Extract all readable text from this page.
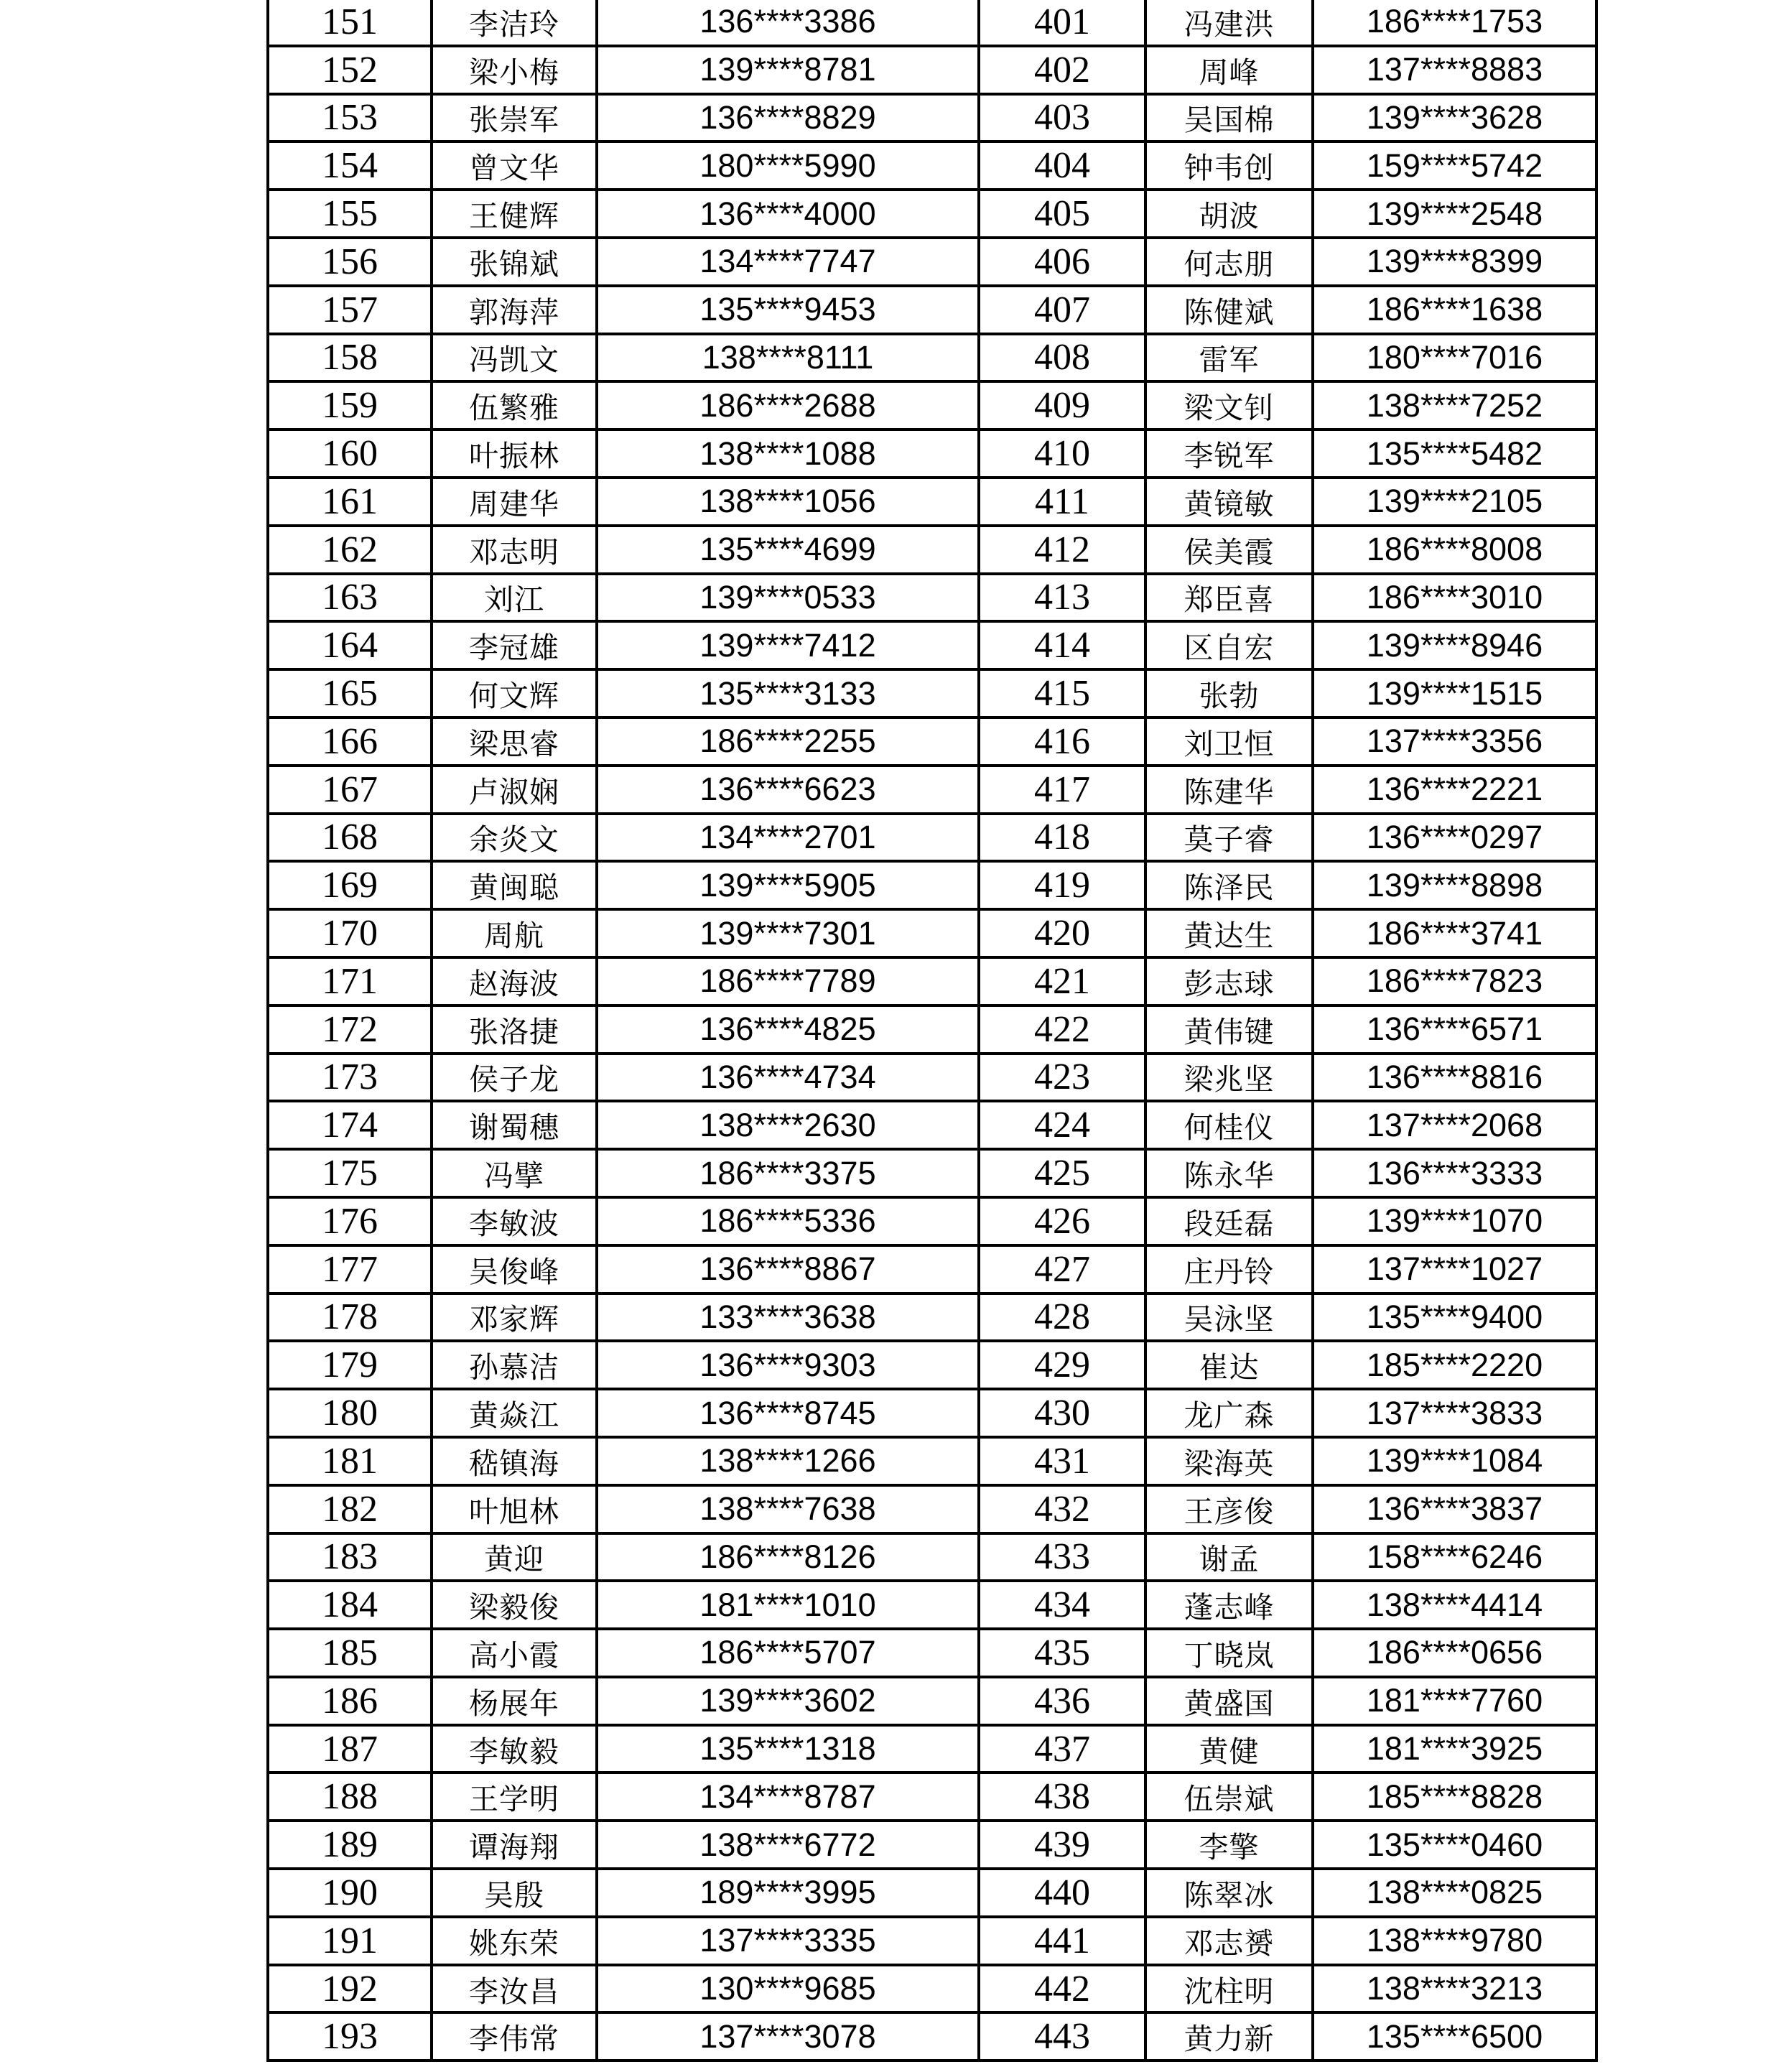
151	李洁玲	136****3386	401	冯建洪	186****1753
152	梁小梅	139****8781	402	周峰	137****8883
153	张崇军	136****8829	403	吴国棉	139****3628
154	曾文华	180****5990	404	钟韦创	159****5742
155	王健辉	136****4000	405	胡波	139****2548
156	张锦斌	134****7747	406	何志朋	139****8399
157	郭海萍	135****9453	407	陈健斌	186****1638
158	冯凯文	138****8111	408	雷军	180****7016
159	伍繁雅	186****2688	409	梁文钊	138****7252
160	叶振林	138****1088	410	李锐军	135****5482
161	周建华	138****1056	411	黄镜敏	139****2105
162	邓志明	135****4699	412	侯美霞	186****8008
163	刘江	139****0533	413	郑臣喜	186****3010
164	李冠雄	139****7412	414	区自宏	139****8946
165	何文辉	135****3133	415	张勃	139****1515
166	梁思睿	186****2255	416	刘卫恒	137****3356
167	卢淑娴	136****6623	417	陈建华	136****2221
168	余炎文	134****2701	418	莫子睿	136****0297
169	黄闽聪	139****5905	419	陈泽民	139****8898
170	周航	139****7301	420	黄达生	186****3741
171	赵海波	186****7789	421	彭志球	186****7823
172	张洛捷	136****4825	422	黄伟键	136****6571
173	侯子龙	136****4734	423	梁兆坚	136****8816
174	谢蜀穗	138****2630	424	何桂仪	137****2068
175	冯擘	186****3375	425	陈永华	136****3333
176	李敏波	186****5336	426	段廷磊	139****1070
177	吴俊峰	136****8867	427	庄丹铃	137****1027
178	邓家辉	133****3638	428	吴泳坚	135****9400
179	孙慕洁	136****9303	429	崔达	185****2220
180	黄焱江	136****8745	430	龙广森	137****3833
181	嵇镇海	138****1266	431	梁海英	139****1084
182	叶旭林	138****7638	432	王彦俊	136****3837
183	黄迎	186****8126	433	谢孟	158****6246
184	梁毅俊	181****1010	434	蓬志峰	138****4414
185	高小霞	186****5707	435	丁晓岚	186****0656
186	杨展年	139****3602	436	黄盛国	181****7760
187	李敏毅	135****1318	437	黄健	181****3925
188	王学明	134****8787	438	伍崇斌	185****8828
189	谭海翔	138****6772	439	李擎	135****0460
190	吴殷	189****3995	440	陈翠冰	138****0825
191	姚东荣	137****3335	441	邓志赟	138****9780
192	李汝昌	130****9685	442	沈柱明	138****3213
193	李伟常	137****3078	443	黄力新	135****6500
